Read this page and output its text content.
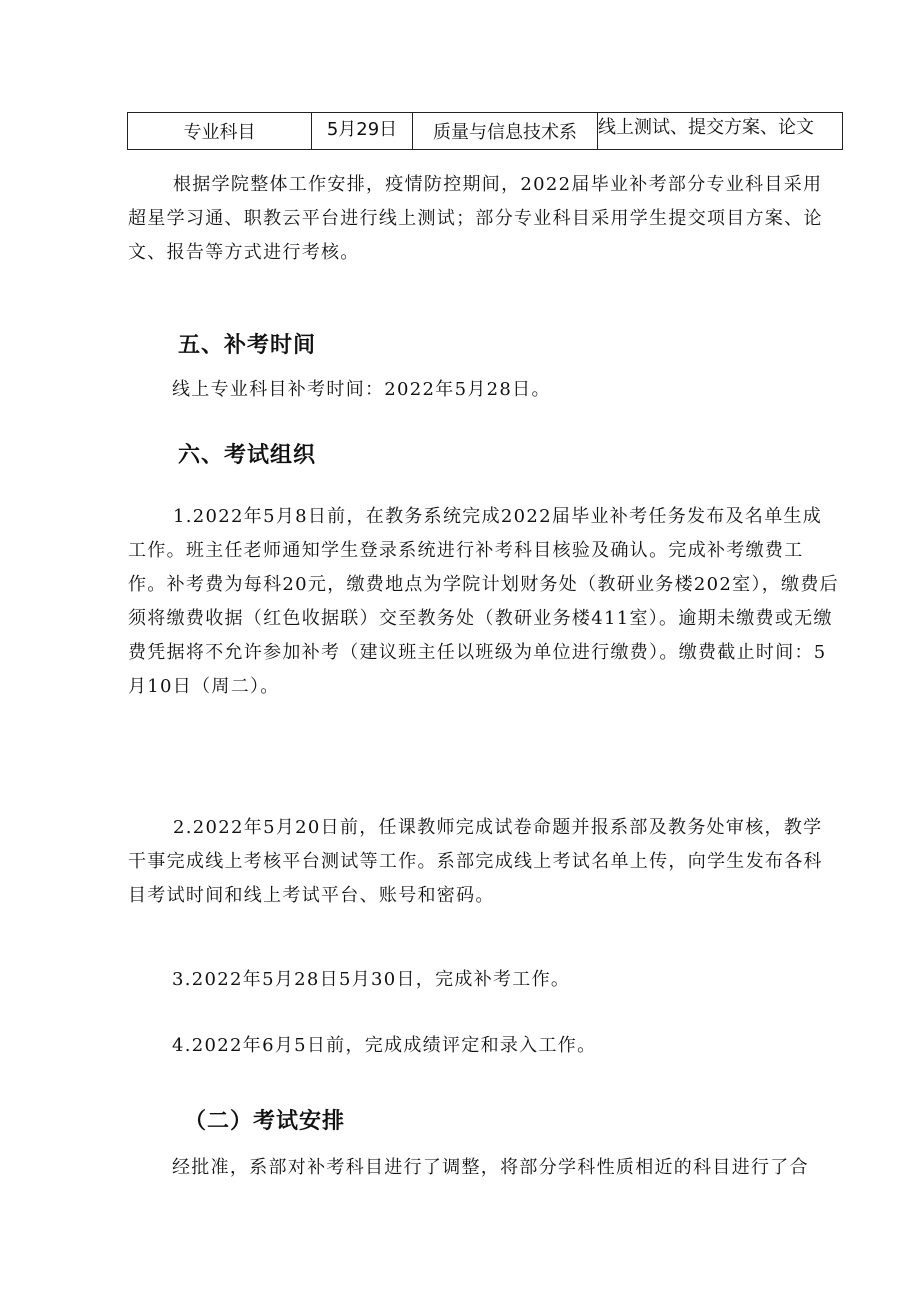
专业科目	5月29日	质量与信息技术系	线上测试、提交方案、论文

根据学院整体工作安排，疫情防控期间，2022届毕业补考部分专业科目采用超星学习通、职教云平台进行线上测试；部分专业科目采用学生提交项目方案、论文、报告等方式进行考核。

五、补考时间

线上专业科目补考时间：2022年5月28日。

六、考试组织

1.2022年5月8日前，在教务系统完成2022届毕业补考任务发布及名单生成工作。班主任老师通知学生登录系统进行补考科目核验及确认。完成补考缴费工作。补考费为每科20元，缴费地点为学院计划财务处（教研业务楼202室），缴费后须将缴费收据（红色收据联）交至教务处（教研业务楼411室）。逾期未缴费或无缴费凭据将不允许参加补考（建议班主任以班级为单位进行缴费）。缴费截止时间：5月10日（周二）。

2.2022年5月20日前，任课教师完成试卷命题并报系部及教务处审核，教学干事完成线上考核平台测试等工作。系部完成线上考试名单上传，向学生发布各科目考试时间和线上考试平台、账号和密码。

3.2022年5月28日5月30日，完成补考工作。

4.2022年6月5日前，完成成绩评定和录入工作。

（二）考试安排

经批准，系部对补考科目进行了调整，将部分学科性质相近的科目进行了合
